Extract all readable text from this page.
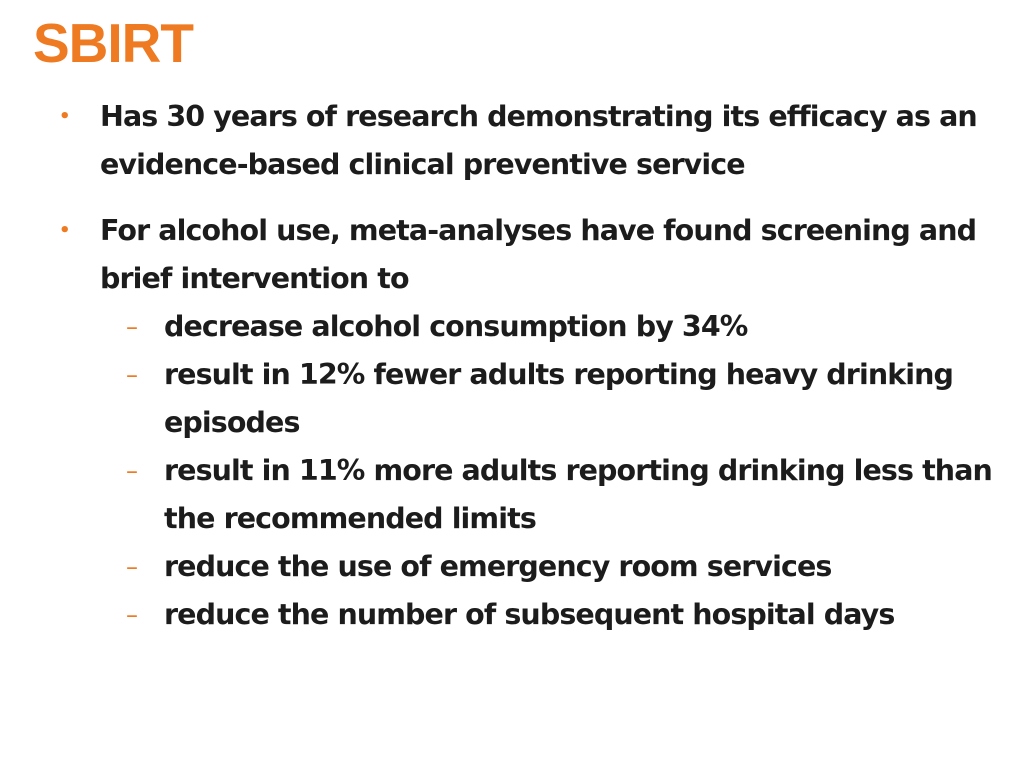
SBIRT
• Has 30 years of research demonstrating its efficacy as an evidence-based clinical preventive service
• For alcohol use, meta-analyses have found screening and brief intervention to
– decrease alcohol consumption by 34%
– result in 12% fewer adults reporting heavy drinking episodes
– result in 11% more adults reporting drinking less than the recommended limits
– reduce the use of emergency room services
– reduce the number of subsequent hospital days
